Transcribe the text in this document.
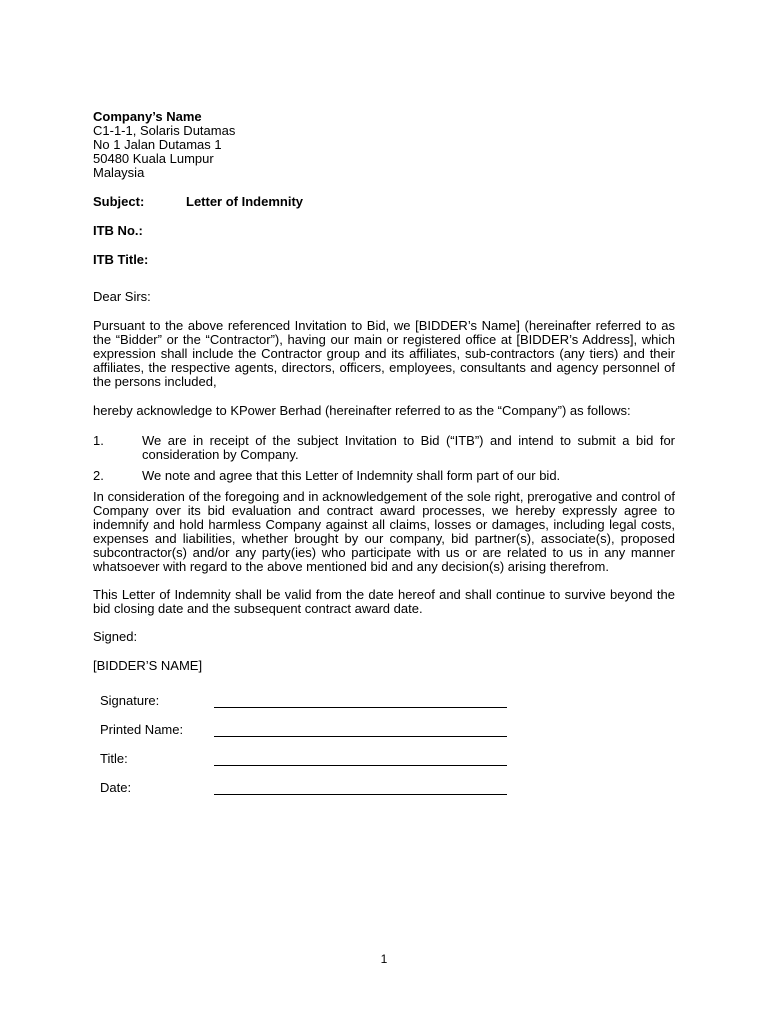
Company’s Name
C1-1-1, Solaris Dutamas
No 1 Jalan Dutamas 1
50480 Kuala Lumpur
Malaysia
Subject:	Letter of Indemnity
ITB No.:
ITB Title:
Dear Sirs:

Pursuant to the above referenced Invitation to Bid, we [BIDDER’s Name] (hereinafter referred to as the “Bidder” or the “Contractor”), having our main or registered office at [BIDDER’s Address], which expression shall include the Contractor group and its affiliates, sub-contractors (any tiers) and their affiliates, the respective agents, directors, officers, employees, consultants and agency personnel of the persons included,

hereby acknowledge to KPower Berhad (hereinafter referred to as the “Company”) as follows:

1.	We are in receipt of the subject Invitation to Bid (“ITB”) and intend to submit a bid for consideration by Company.
2.	We note and agree that this Letter of Indemnity shall form part of our bid.

In consideration of the foregoing and in acknowledgement of the sole right, prerogative and control of Company over its bid evaluation and contract award processes, we hereby expressly agree to indemnify and hold harmless Company against all claims, losses or damages, including legal costs, expenses and liabilities, whether brought by our company, bid partner(s), associate(s), proposed subcontractor(s) and/or any party(ies) who participate with us or are related to us in any manner whatsoever with regard to the above mentioned bid and any decision(s) arising therefrom.

This Letter of Indemnity shall be valid from the date hereof and shall continue to survive beyond the bid closing date and the subsequent contract award date.

Signed:
[BIDDER’S NAME]
Signature:
Printed Name:
Title:
Date:
1
